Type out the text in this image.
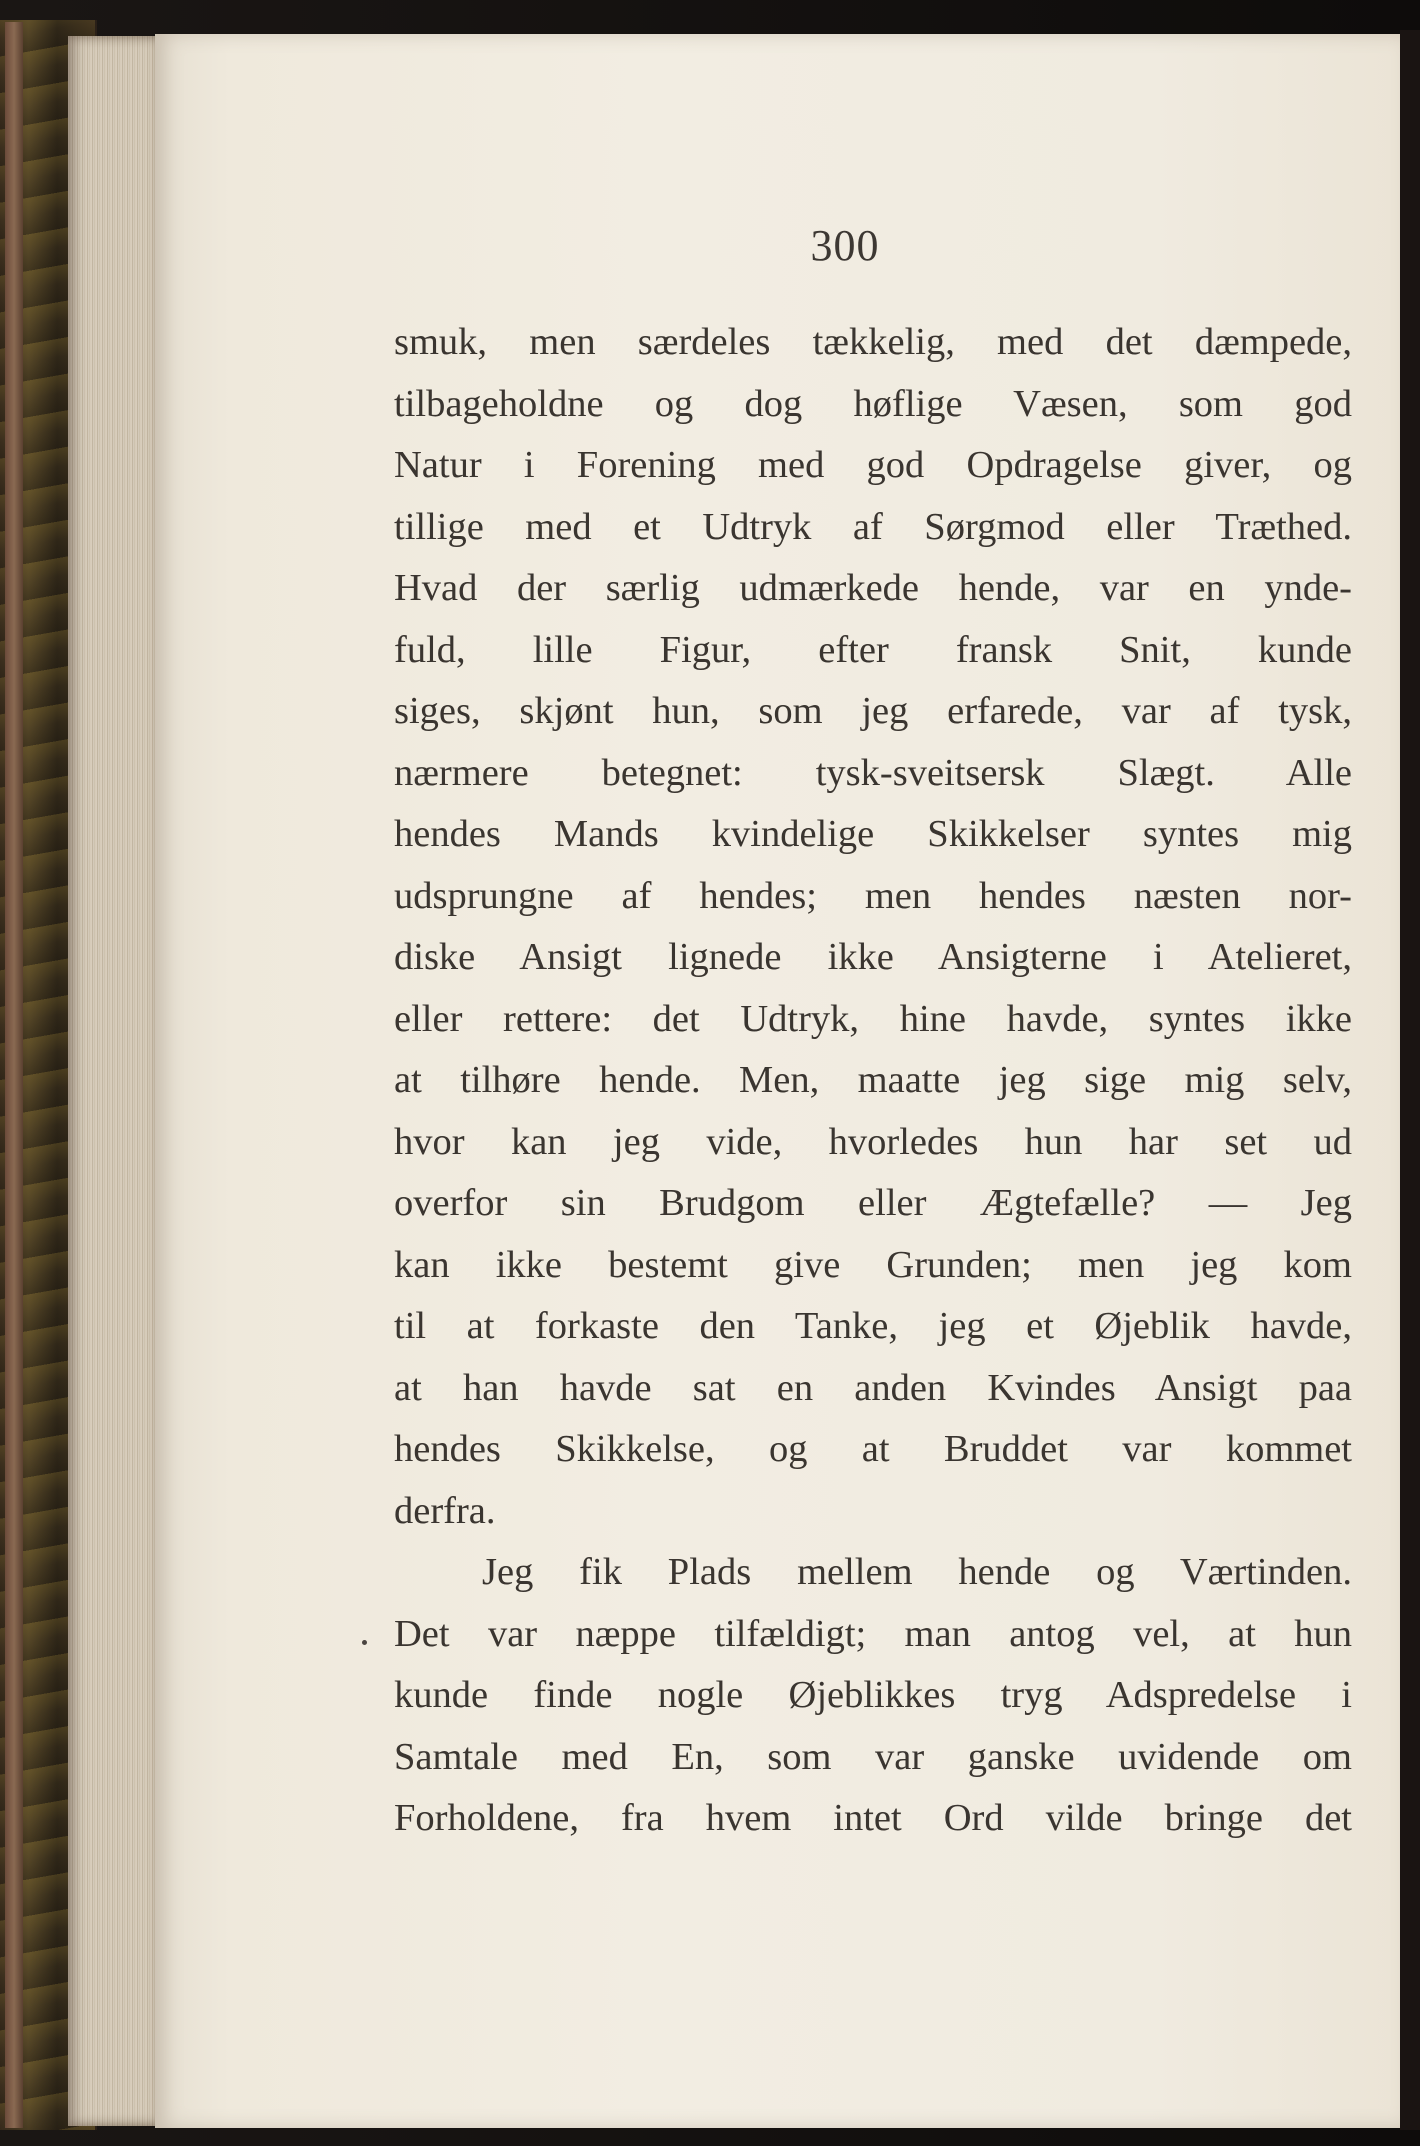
300
smuk, men særdeles tækkelig, med det dæmpede,
tilbageholdne og dog høflige Væsen, som god
Natur i Forening med god Opdragelse giver, og
tillige med et Udtryk af Sørgmod eller Træthed.
Hvad der særlig udmærkede hende, var en ynde-
fuld, lille Figur, efter fransk Snit, kunde
siges, skjønt hun, som jeg erfarede, var af tysk,
nærmere betegnet: tysk-sveitsersk Slægt. Alle
hendes Mands kvindelige Skikkelser syntes mig
udsprungne af hendes; men hendes næsten nor-
diske Ansigt lignede ikke Ansigterne i Atelieret,
eller rettere: det Udtryk, hine havde, syntes ikke
at tilhøre hende. Men, maatte jeg sige mig selv,
hvor kan jeg vide, hvorledes hun har set ud
overfor sin Brudgom eller Ægtefælle? — Jeg
kan ikke bestemt give Grunden; men jeg kom
til at forkaste den Tanke, jeg et Øjeblik havde,
at han havde sat en anden Kvindes Ansigt paa
hendes Skikkelse, og at Bruddet var kommet
derfra.
Jeg fik Plads mellem hende og Værtinden.
Det var næppe tilfældigt; man antog vel, at hun
kunde finde nogle Øjeblikkes tryg Adspredelse i
Samtale med En, som var ganske uvidende om
Forholdene, fra hvem intet Ord vilde bringe det
